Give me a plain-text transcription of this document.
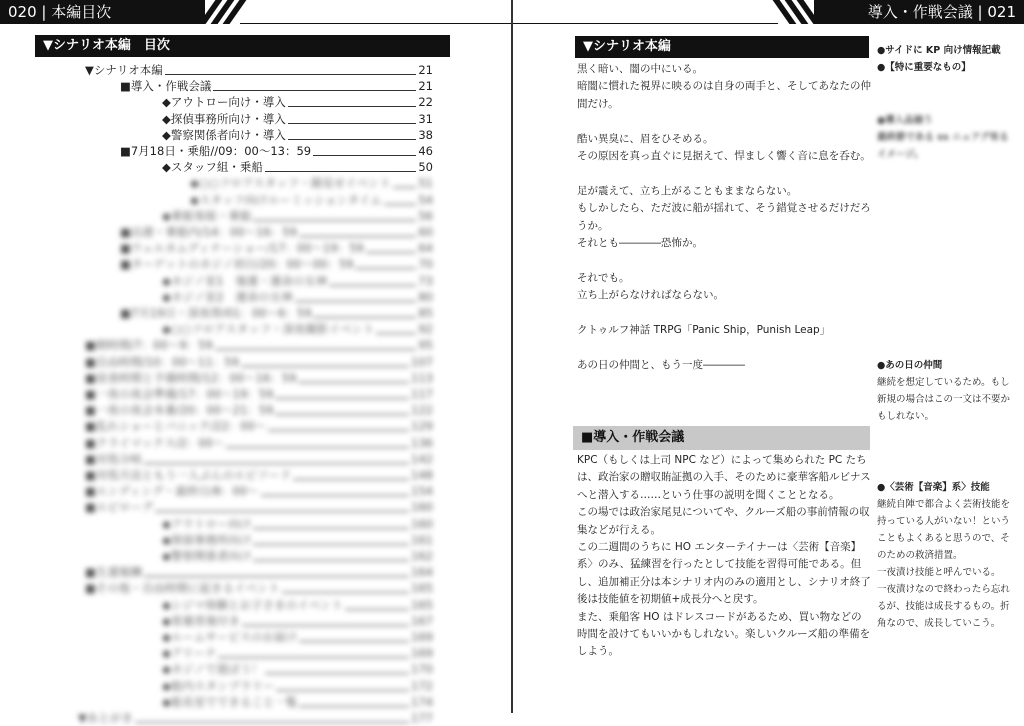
020 | 本編目次
▼シナリオ本編　目次
▼シナリオ本編	21
■導入・作戦会議	21
◆アウトロー向け・導入	22
◆探偵事務所向け・導入	31
◆警察関係者向け・導入	38
■7月18日・乗船//09：00～13：59	46
◆スタッフ組・乗船	50
◆○○フロアスタッフ・顔見せイベント 51
◆スタッフ向けルーミッションタイム	54
◆乗船客組・乗船	56
■出港・乗船内/14：00～16：59	60
■ウェルカムディナーショー/17：00～19：59	64
■ターゲットのカジノ初日/20：00～00：59	70
◆カジノ室1　強運・運命の女神	73
◆カジノ室2　運命の女神	80
■7月19日・深夜帯/01：00～6：59	85
◆○○フロアスタッフ・深夜撮影イベント	92
■朝時間/7：00～9：59	95
■自由時間/10：00～11：59	107
■昼食時間と予備時間/12：00～16：59	113
■一夜の夜会準備/17：00～19：59	117
■一夜の夜会本番/20：00～21：59	122
■乱れショーとパニック/22：00～	129
■クライマックス/2：00～	136
■対処分岐	142
■対処方法ともう一人ぶんのエピソード	148
■エンディング・最終日/8：00～	154
■エピローグ	160
◆アウトロー向け	160
◆探偵事務所向け	161
◆警察関係者向け	162
■生還報酬	164
■その他・自由時間に起きるイベント	165
◆シジマ体験とお子さまのイベント	165
◆常備背後付き	167
◆ルームサービスのお届け	169
◆アリーナ	169
◆カジノで遊ぼう！	170
◆船内スタンプラリー	172
◆船長室でできること一覧	174
▼あとがき	177
導入・作戦会議 | 021
▼シナリオ本編

黒く暗い、闇の中にいる。

暗闇に慣れた視界に映るのは自身の両手と、そしてあなたの仲

間だけ。

酷い異臭に、眉をひそめる。

その原因を真っ直ぐに見据えて、悍ましく響く音に息を呑む。

足が震えて、立ち上がることもままならない。

もしかしたら、ただ波に船が揺れて、そう錯覚させるだけだろ

うか。

それとも――――恐怖か。

それでも。

立ち上がらなければならない。

クトゥルフ神話 TRPG「Panic Ship，Punish Leap」

あの日の仲間と、もう一度――――

■導入・作戦会議

KPC（もしくは上司 NPC など）によって集められた PC たち

は、政治家の贈収賄証拠の入手、そのために豪華客船ルビナス

へと潜入する……という仕事の説明を聞くこととなる。

この場では政治家尾見についてや、クルーズ船の事前情報の収

集などが行える。

この二週間のうちに HO エンターテイナーは〈芸術【音楽】

系〉のみ、猛練習を行ったとして技能を習得可能である。但

し、追加補正分は本シナリオ内のみの適用とし、シナリオ終了

後は技能値を初期値+成長分へと戻す。

また、乗船客 HO はドレスコードがあるため、買い物などの

時間を設けてもいいかもしれない。楽しいクルーズ船の準備を

しよう。

●サイドに KP 向け情報記載

●【特に重要なもの】

●導入品揃う

最終節である ss ニュアグ有る

イメージ。

●あの日の仲間

継続を想定しているため。もし

新規の場合はこの一文は不要か

もしれない。

●〈芸術【音楽】系〉技能

継続自陣で都合よく芸術技能を

持っている人がいない！という

こともよくあると思うので、そ

のための救済措置。

一夜漬け技能と呼んでいる。

一夜漬けなので終わったら忘れ

るが、技能は成長するもの。折

角なので、成長していこう。
